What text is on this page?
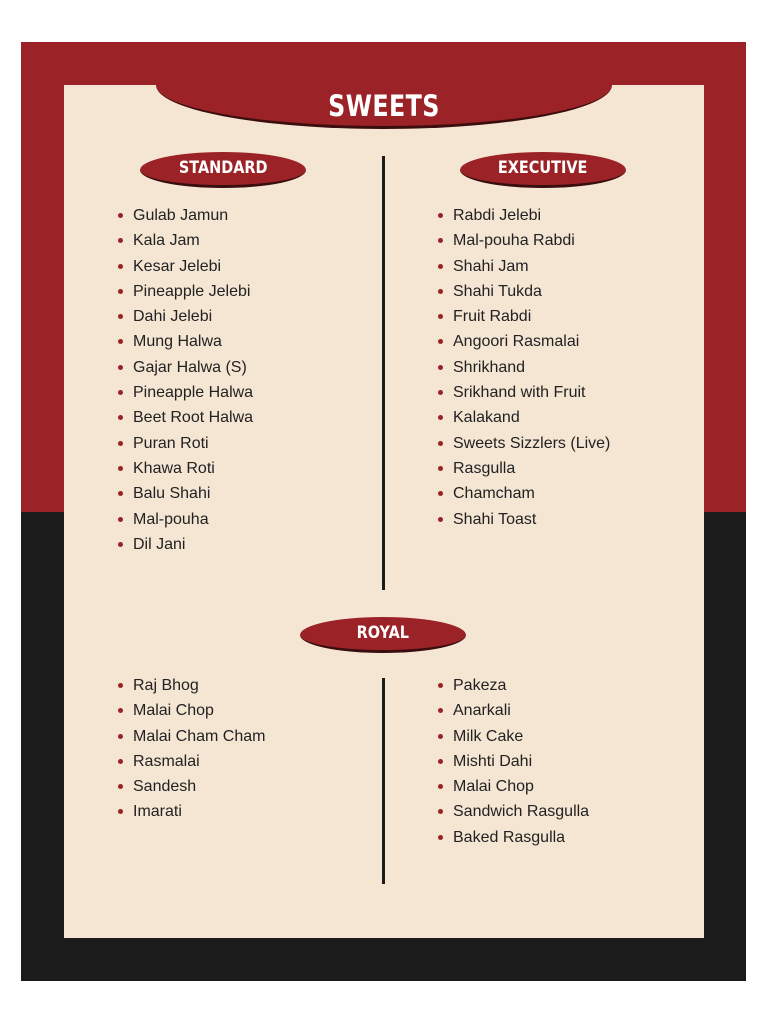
SWEETS
STANDARD	EXECUTIVE
ROYAL
Gulab Jamun
Kala Jam
Kesar Jelebi
Pineapple Jelebi
Dahi Jelebi
Mung Halwa
Gajar Halwa (S)
Pineapple Halwa
Beet Root Halwa
Puran Roti
Khawa Roti
Balu Shahi
Mal-pouha
Dil Jani
Rabdi Jelebi
Mal-pouha Rabdi
Shahi Jam
Shahi Tukda
Fruit Rabdi
Angoori Rasmalai
Shrikhand
Srikhand with Fruit
Kalakand
Sweets Sizzlers (Live)
Rasgulla
Chamcham
Shahi Toast
Raj Bhog
Malai Chop
Malai Cham Cham
Rasmalai
Sandesh
Imarati
Pakeza
Anarkali
Milk Cake
Mishti Dahi
Malai Chop
Sandwich Rasgulla
Baked Rasgulla
